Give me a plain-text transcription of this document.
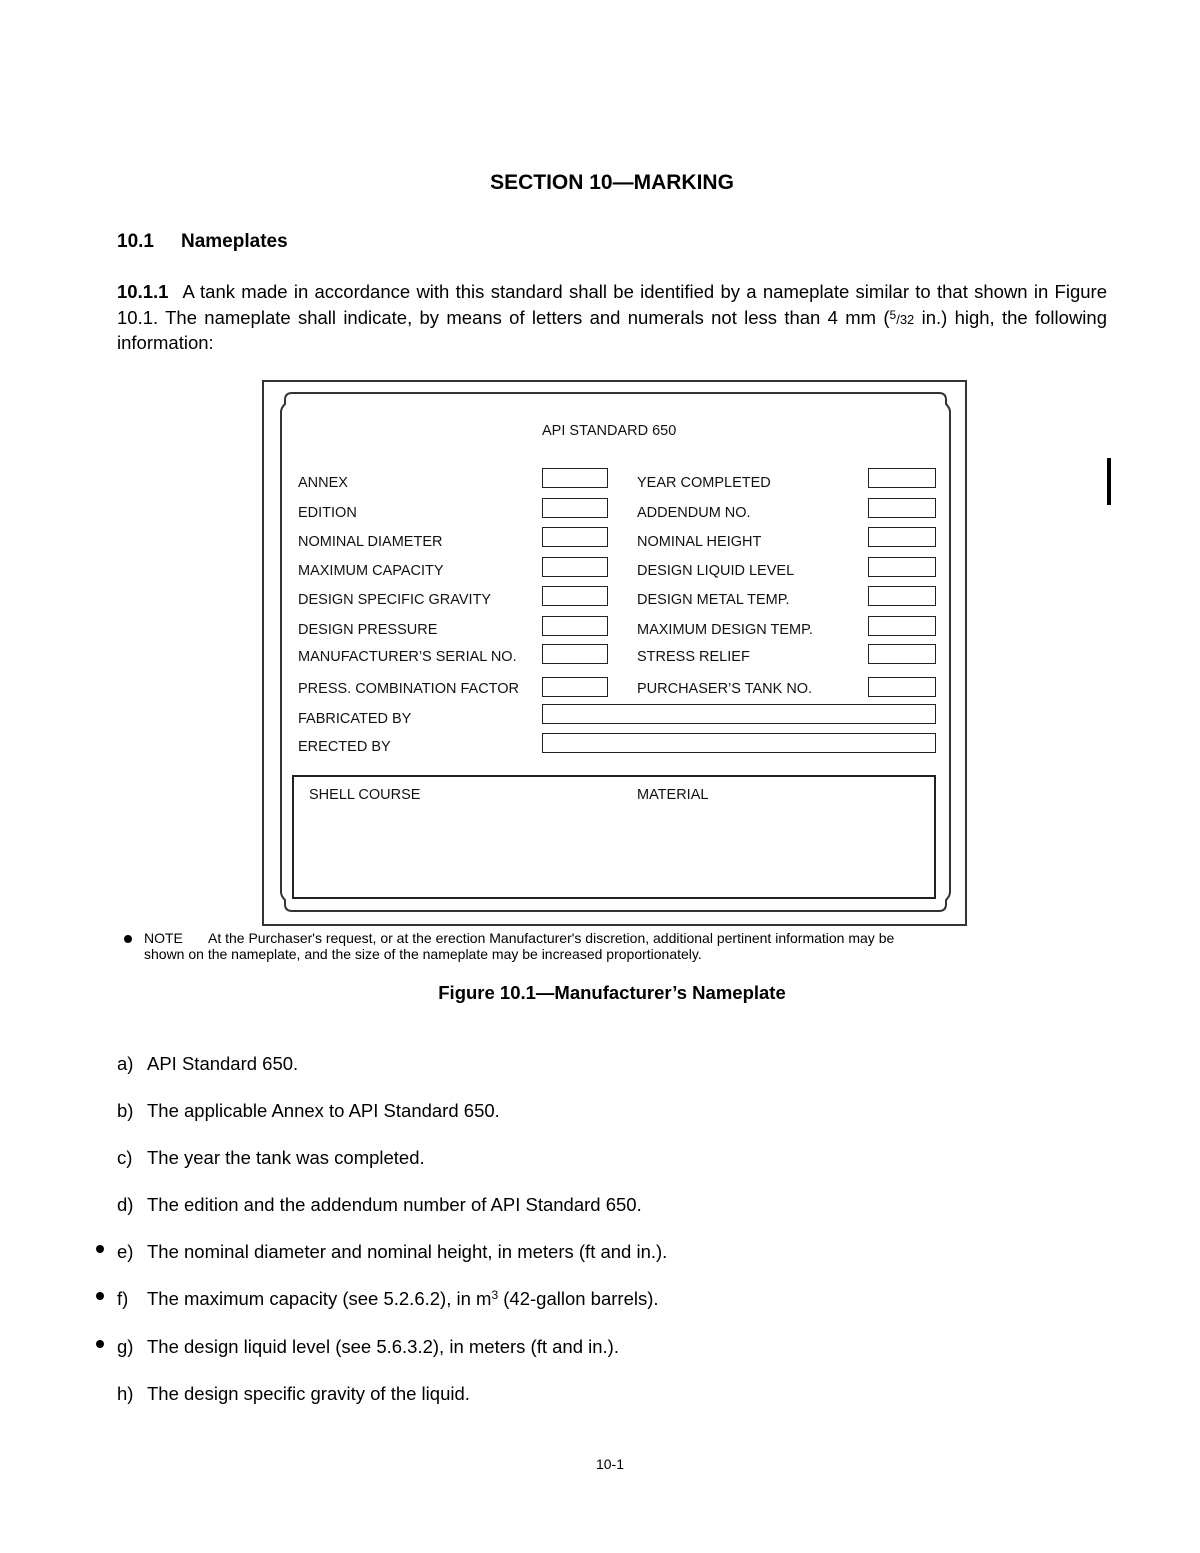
SECTION 10—MARKING
10.1 Nameplates
10.1.1 A tank made in accordance with this standard shall be identified by a nameplate similar to that shown in Figure 10.1. The nameplate shall indicate, by means of letters and numerals not less than 4 mm ($^5$/32 in.) high, the following information:
API STANDARD 650
ANNEX
EDITION
NOMINAL DIAMETER
MAXIMUM CAPACITY
DESIGN SPECIFIC GRAVITY
DESIGN PRESSURE
MANUFACTURER’S SERIAL NO.
PRESS. COMBINATION FACTOR
YEAR COMPLETED
ADDENDUM NO.
NOMINAL HEIGHT
DESIGN LIQUID LEVEL
DESIGN METAL TEMP.
MAXIMUM DESIGN TEMP.
STRESS RELIEF
PURCHASER’S TANK NO.
FABRICATED BY
ERECTED BY
SHELL COURSE	MATERIAL
NOTE At the Purchaser's request, or at the erection Manufacturer's discretion, additional pertinent information may be
shown on the nameplate, and the size of the nameplate may be increased proportionately.
Figure 10.1—Manufacturer’s Nameplate
a) API Standard 650.
b) The applicable Annex to API Standard 650.
c) The year the tank was completed.
d) The edition and the addendum number of API Standard 650.
e) The nominal diameter and nominal height, in meters (ft and in.).
f) The maximum capacity (see 5.2.6.2), in $m^3$ (42-gallon barrels).
g) The design liquid level (see 5.6.3.2), in meters (ft and in.).
h) The design specific gravity of the liquid.
10-1
